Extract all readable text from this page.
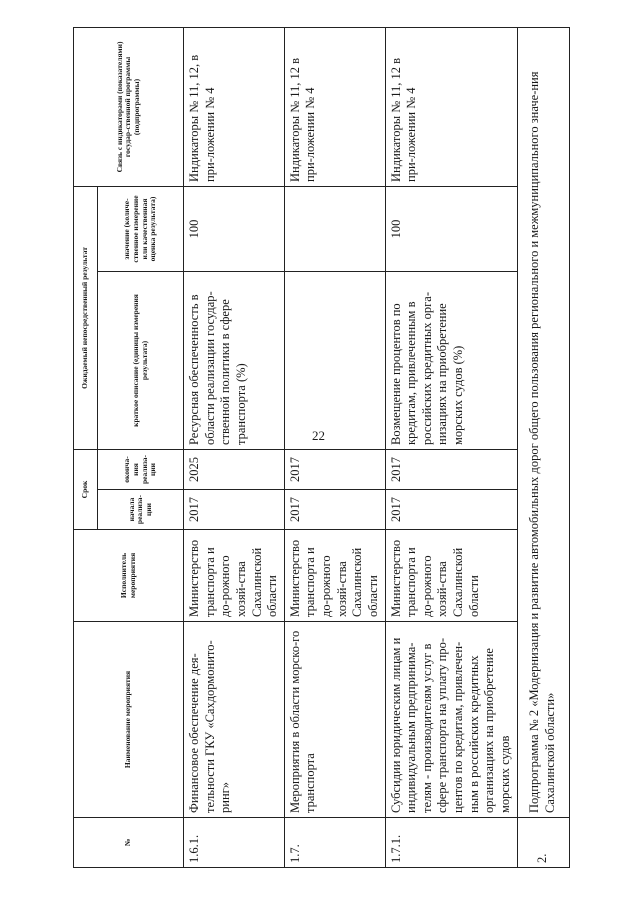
22
№	Наименование мероприятия	Исполнитель мероприятия	Срок		Ожидаемый непосредственный результат		Связь с индикаторами (показателями) государ-ственной программы (подпрограммы)
			начала реализа-ции	оконча-ния реализа-ции	краткое описание (единицы измерения результата)	значение (количе-ственное измерение или качественная оценка результата)	
1.6.1.	Финансовое обеспечение дея-тельности ГКУ «Сахдормонито-ринг»	Министерство транспорта и до-рожного хозяй-ства Сахалинской области	2017	2025	Ресурсная обеспеченность в области реализации государ-ственной политики в сфере транспорта (%)	100	Индикаторы № 11, 12, в при-ложении № 4
1.7.	Мероприятия в области морско-го транспорта	Министерство транспорта и до-рожного хозяй-ства Сахалинской области	2017	2017			Индикаторы № 11, 12 в при-ложении № 4
1.7.1.	Субсидии юридическим лицам и индивидуальным предпринима-телям - производителям услуг в сфере транспорта на уплату про-центов по кредитам, привлечен-ным в российских кредитных организациях на приобретение морских судов	Министерство транспорта и до-рожного хозяй-ства Сахалинской области	2017	2017	Возмещение процентов по кредитам, привлеченным в российских кредитных орга-низациях на приобретение морских судов (%)	100	Индикаторы № 11, 12 в при-ложении № 4
2.	Подпрограмма № 2 «Модернизация и развитие автомобильных дорог общего пользования регионального и межмуниципального значе-ния Сахалинской области»						
